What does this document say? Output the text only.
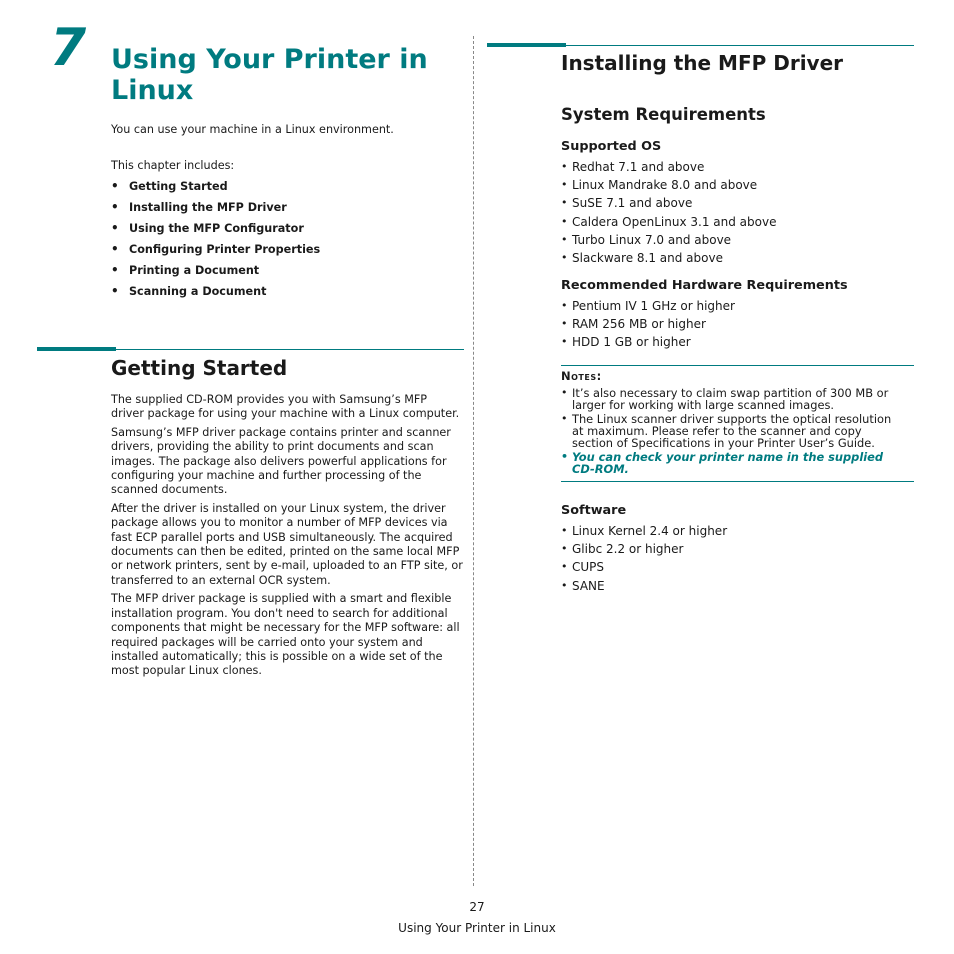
7 Using Your Printer in Linux

You can use your machine in a Linux environment.

This chapter includes:

• Getting Started
• Installing the MFP Driver
• Using the MFP Configurator
• Configuring Printer Properties
• Printing a Document
• Scanning a Document
Getting Started

The supplied CD-ROM provides you with Samsung’s MFP driver package for using your machine with a Linux computer.

Samsung’s MFP driver package contains printer and scanner drivers, providing the ability to print documents and scan images. The package also delivers powerful applications for configuring your machine and further processing of the scanned documents.

After the driver is installed on your Linux system, the driver package allows you to monitor a number of MFP devices via fast ECP parallel ports and USB simultaneously. The acquired documents can then be edited, printed on the same local MFP or network printers, sent by e-mail, uploaded to an FTP site, or transferred to an external OCR system.

The MFP driver package is supplied with a smart and flexible installation program. You don't need to search for additional components that might be necessary for the MFP software: all required packages will be carried onto your system and installed automatically; this is possible on a wide set of the most popular Linux clones.

Installing the MFP Driver
System Requirements
Supported OS
• Redhat 7.1 and above
• Linux Mandrake 8.0 and above
• SuSE 7.1 and above
• Caldera OpenLinux 3.1 and above
• Turbo Linux 7.0 and above
• Slackware 8.1 and above
Recommended Hardware Requirements
• Pentium IV 1 GHz or higher
• RAM 256 MB or higher
• HDD 1 GB or higher
Notes:
• It’s also necessary to claim swap partition of 300 MB or larger for working with large scanned images.
• The Linux scanner driver supports the optical resolution at maximum. Please refer to the scanner and copy section of Specifications in your Printer User’s Guide.
• You can check your printer name in the supplied CD-ROM.
Software
• Linux Kernel 2.4 or higher
• Glibc 2.2 or higher
• CUPS
• SANE
27
Using Your Printer in Linux
